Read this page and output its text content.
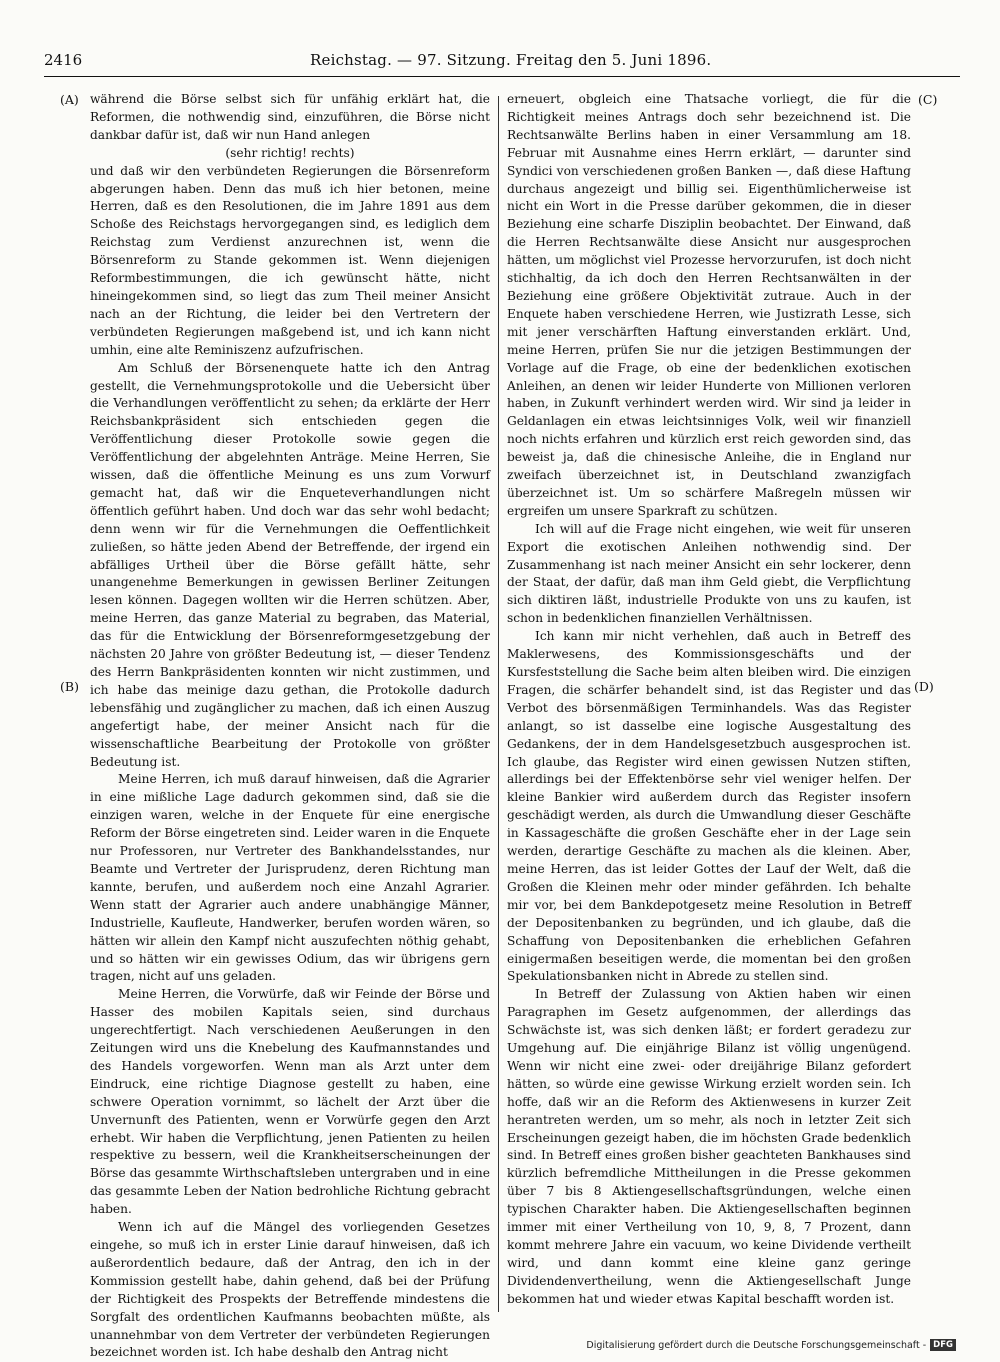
2416	Reichstag. — 97. Sitzung. Freitag den 5. Juni 1896.
(A)
(B)
(C)
(D)

während die Börse selbst sich für unfähig erklärt hat, die Reformen, die nothwendig sind, einzuführen, die Börse nicht dankbar dafür ist, daß wir nun Hand anlegen

(sehr richtig! rechts)

und daß wir den verbündeten Regierungen die Börsenreform abgerungen haben. Denn das muß ich hier betonen, meine Herren, daß es den Resolutionen, die im Jahre 1891 aus dem Schoße des Reichstags hervorgegangen sind, es lediglich dem Reichstag zum Verdienst anzurechnen ist, wenn die Börsenreform zu Stande gekommen ist. Wenn diejenigen Reformbestimmungen, die ich gewünscht hätte, nicht hineingekommen sind, so liegt das zum Theil meiner Ansicht nach an der Richtung, die leider bei den Vertretern der verbündeten Regierungen maßgebend ist, und ich kann nicht umhin, eine alte Reminiszenz aufzufrischen.

Am Schluß der Börsenenquete hatte ich den Antrag gestellt, die Vernehmungsprotokolle und die Uebersicht über die Verhandlungen veröffentlicht zu sehen; da erklärte der Herr Reichsbankpräsident sich entschieden gegen die Veröffentlichung dieser Protokolle sowie gegen die Veröffentlichung der abgelehnten Anträge. Meine Herren, Sie wissen, daß die öffentliche Meinung es uns zum Vorwurf gemacht hat, daß wir die Enqueteverhandlungen nicht öffentlich geführt haben. Und doch war das sehr wohl bedacht; denn wenn wir für die Vernehmungen die Oeffentlichkeit zuließen, so hätte jeden Abend der Betreffende, der irgend ein abfälliges Urtheil über die Börse gefällt hätte, sehr unangenehme Bemerkungen in gewissen Berliner Zeitungen lesen können. Dagegen wollten wir die Herren schützen. Aber, meine Herren, das ganze Material zu begraben, das Material, das für die Entwicklung der Börsenreformgesetzgebung der nächsten 20 Jahre von größter Bedeutung ist, — dieser Tendenz des Herrn Bankpräsidenten konnten wir nicht zustimmen, und ich habe das meinige dazu gethan, die Protokolle dadurch lebensfähig und zugänglicher zu machen, daß ich einen Auszug angefertigt habe, der meiner Ansicht nach für die wissenschaftliche Bearbeitung der Protokolle von größter Bedeutung ist.

Meine Herren, ich muß darauf hinweisen, daß die Agrarier in eine mißliche Lage dadurch gekommen sind, daß sie die einzigen waren, welche in der Enquete für eine energische Reform der Börse eingetreten sind. Leider waren in die Enquete nur Professoren, nur Vertreter des Bankhandelsstandes, nur Beamte und Vertreter der Jurisprudenz, deren Richtung man kannte, berufen, und außerdem noch eine Anzahl Agrarier. Wenn statt der Agrarier auch andere unabhängige Männer, Industrielle, Kaufleute, Handwerker, berufen worden wären, so hätten wir allein den Kampf nicht auszufechten nöthig gehabt, und so hätten wir ein gewisses Odium, das wir übrigens gern tragen, nicht auf uns geladen.

Meine Herren, die Vorwürfe, daß wir Feinde der Börse und Hasser des mobilen Kapitals seien, sind durchaus ungerechtfertigt. Nach verschiedenen Aeußerungen in den Zeitungen wird uns die Knebelung des Kaufmannstandes und des Handels vorgeworfen. Wenn man als Arzt unter dem Eindruck, eine richtige Diagnose gestellt zu haben, eine schwere Operation vornimmt, so lächelt der Arzt über die Unvernunft des Patienten, wenn er Vorwürfe gegen den Arzt erhebt. Wir haben die Verpflichtung, jenen Patienten zu heilen respektive zu bessern, weil die Krankheitserscheinungen der Börse das gesammte Wirthschaftsleben untergraben und in eine das gesammte Leben der Nation bedrohliche Richtung gebracht haben.

Wenn ich auf die Mängel des vorliegenden Gesetzes eingehe, so muß ich in erster Linie darauf hinweisen, daß ich außerordentlich bedaure, daß der Antrag, den ich in der Kommission gestellt habe, dahin gehend, daß bei der Prüfung der Richtigkeit des Prospekts der Betreffende mindestens die Sorgfalt des ordentlichen Kaufmanns beobachten müßte, als unannehmbar von dem Vertreter der verbündeten Regierungen bezeichnet worden ist. Ich habe deshalb den Antrag nicht

erneuert, obgleich eine Thatsache vorliegt, die für die Richtigkeit meines Antrags doch sehr bezeichnend ist. Die Rechtsanwälte Berlins haben in einer Versammlung am 18. Februar mit Ausnahme eines Herrn erklärt, — darunter sind Syndici von verschiedenen großen Banken —, daß diese Haftung durchaus angezeigt und billig sei. Eigenthümlicherweise ist nicht ein Wort in die Presse darüber gekommen, die in dieser Beziehung eine scharfe Disziplin beobachtet. Der Einwand, daß die Herren Rechtsanwälte diese Ansicht nur ausgesprochen hätten, um möglichst viel Prozesse hervorzurufen, ist doch nicht stichhaltig, da ich doch den Herren Rechtsanwälten in der Beziehung eine größere Objektivität zutraue. Auch in der Enquete haben verschiedene Herren, wie Justizrath Lesse, sich mit jener verschärften Haftung einverstanden erklärt. Und, meine Herren, prüfen Sie nur die jetzigen Bestimmungen der Vorlage auf die Frage, ob eine der bedenklichen exotischen Anleihen, an denen wir leider Hunderte von Millionen verloren haben, in Zukunft verhindert werden wird. Wir sind ja leider in Geldanlagen ein etwas leichtsinniges Volk, weil wir finanziell noch nichts erfahren und kürzlich erst reich geworden sind, das beweist ja, daß die chinesische Anleihe, die in England nur zweifach überzeichnet ist, in Deutschland zwanzigfach überzeichnet ist. Um so schärfere Maßregeln müssen wir ergreifen um unsere Sparkraft zu schützen.

Ich will auf die Frage nicht eingehen, wie weit für unseren Export die exotischen Anleihen nothwendig sind. Der Zusammenhang ist nach meiner Ansicht ein sehr lockerer, denn der Staat, der dafür, daß man ihm Geld giebt, die Verpflichtung sich diktiren läßt, industrielle Produkte von uns zu kaufen, ist schon in bedenklichen finanziellen Verhältnissen.

Ich kann mir nicht verhehlen, daß auch in Betreff des Maklerwesens, des Kommissionsgeschäfts und der Kursfeststellung die Sache beim alten bleiben wird. Die einzigen Fragen, die schärfer behandelt sind, ist das Register und das Verbot des börsenmäßigen Terminhandels. Was das Register anlangt, so ist dasselbe eine logische Ausgestaltung des Gedankens, der in dem Handelsgesetzbuch ausgesprochen ist. Ich glaube, das Register wird einen gewissen Nutzen stiften, allerdings bei der Effektenbörse sehr viel weniger helfen. Der kleine Bankier wird außerdem durch das Register insofern geschädigt werden, als durch die Umwandlung dieser Geschäfte in Kassageschäfte die großen Geschäfte eher in der Lage sein werden, derartige Geschäfte zu machen als die kleinen. Aber, meine Herren, das ist leider Gottes der Lauf der Welt, daß die Großen die Kleinen mehr oder minder gefährden. Ich behalte mir vor, bei dem Bankdepotgesetz meine Resolution in Betreff der Depositenbanken zu begründen, und ich glaube, daß die Schaffung von Depositenbanken die erheblichen Gefahren einigermaßen beseitigen werde, die momentan bei den großen Spekulationsbanken nicht in Abrede zu stellen sind.

In Betreff der Zulassung von Aktien haben wir einen Paragraphen im Gesetz aufgenommen, der allerdings das Schwächste ist, was sich denken läßt; er fordert geradezu zur Umgehung auf. Die einjährige Bilanz ist völlig ungenügend. Wenn wir nicht eine zwei- oder dreijährige Bilanz gefordert hätten, so würde eine gewisse Wirkung erzielt worden sein. Ich hoffe, daß wir an die Reform des Aktienwesens in kurzer Zeit herantreten werden, um so mehr, als noch in letzter Zeit sich Erscheinungen gezeigt haben, die im höchsten Grade bedenklich sind. In Betreff eines großen bisher geachteten Bankhauses sind kürzlich befremdliche Mittheilungen in die Presse gekommen über 7 bis 8 Aktiengesellschaftsgründungen, welche einen typischen Charakter haben. Die Aktiengesellschaften beginnen immer mit einer Vertheilung von 10, 9, 8, 7 Prozent, dann kommt mehrere Jahre ein vacuum, wo keine Dividende vertheilt wird, und dann kommt eine kleine ganz geringe Dividendenvertheilung, wenn die Aktiengesellschaft Junge bekommen hat und wieder etwas Kapital beschafft worden ist.

Digitalisierung gefördert durch die Deutsche Forschungsgemeinschaft - DFG
